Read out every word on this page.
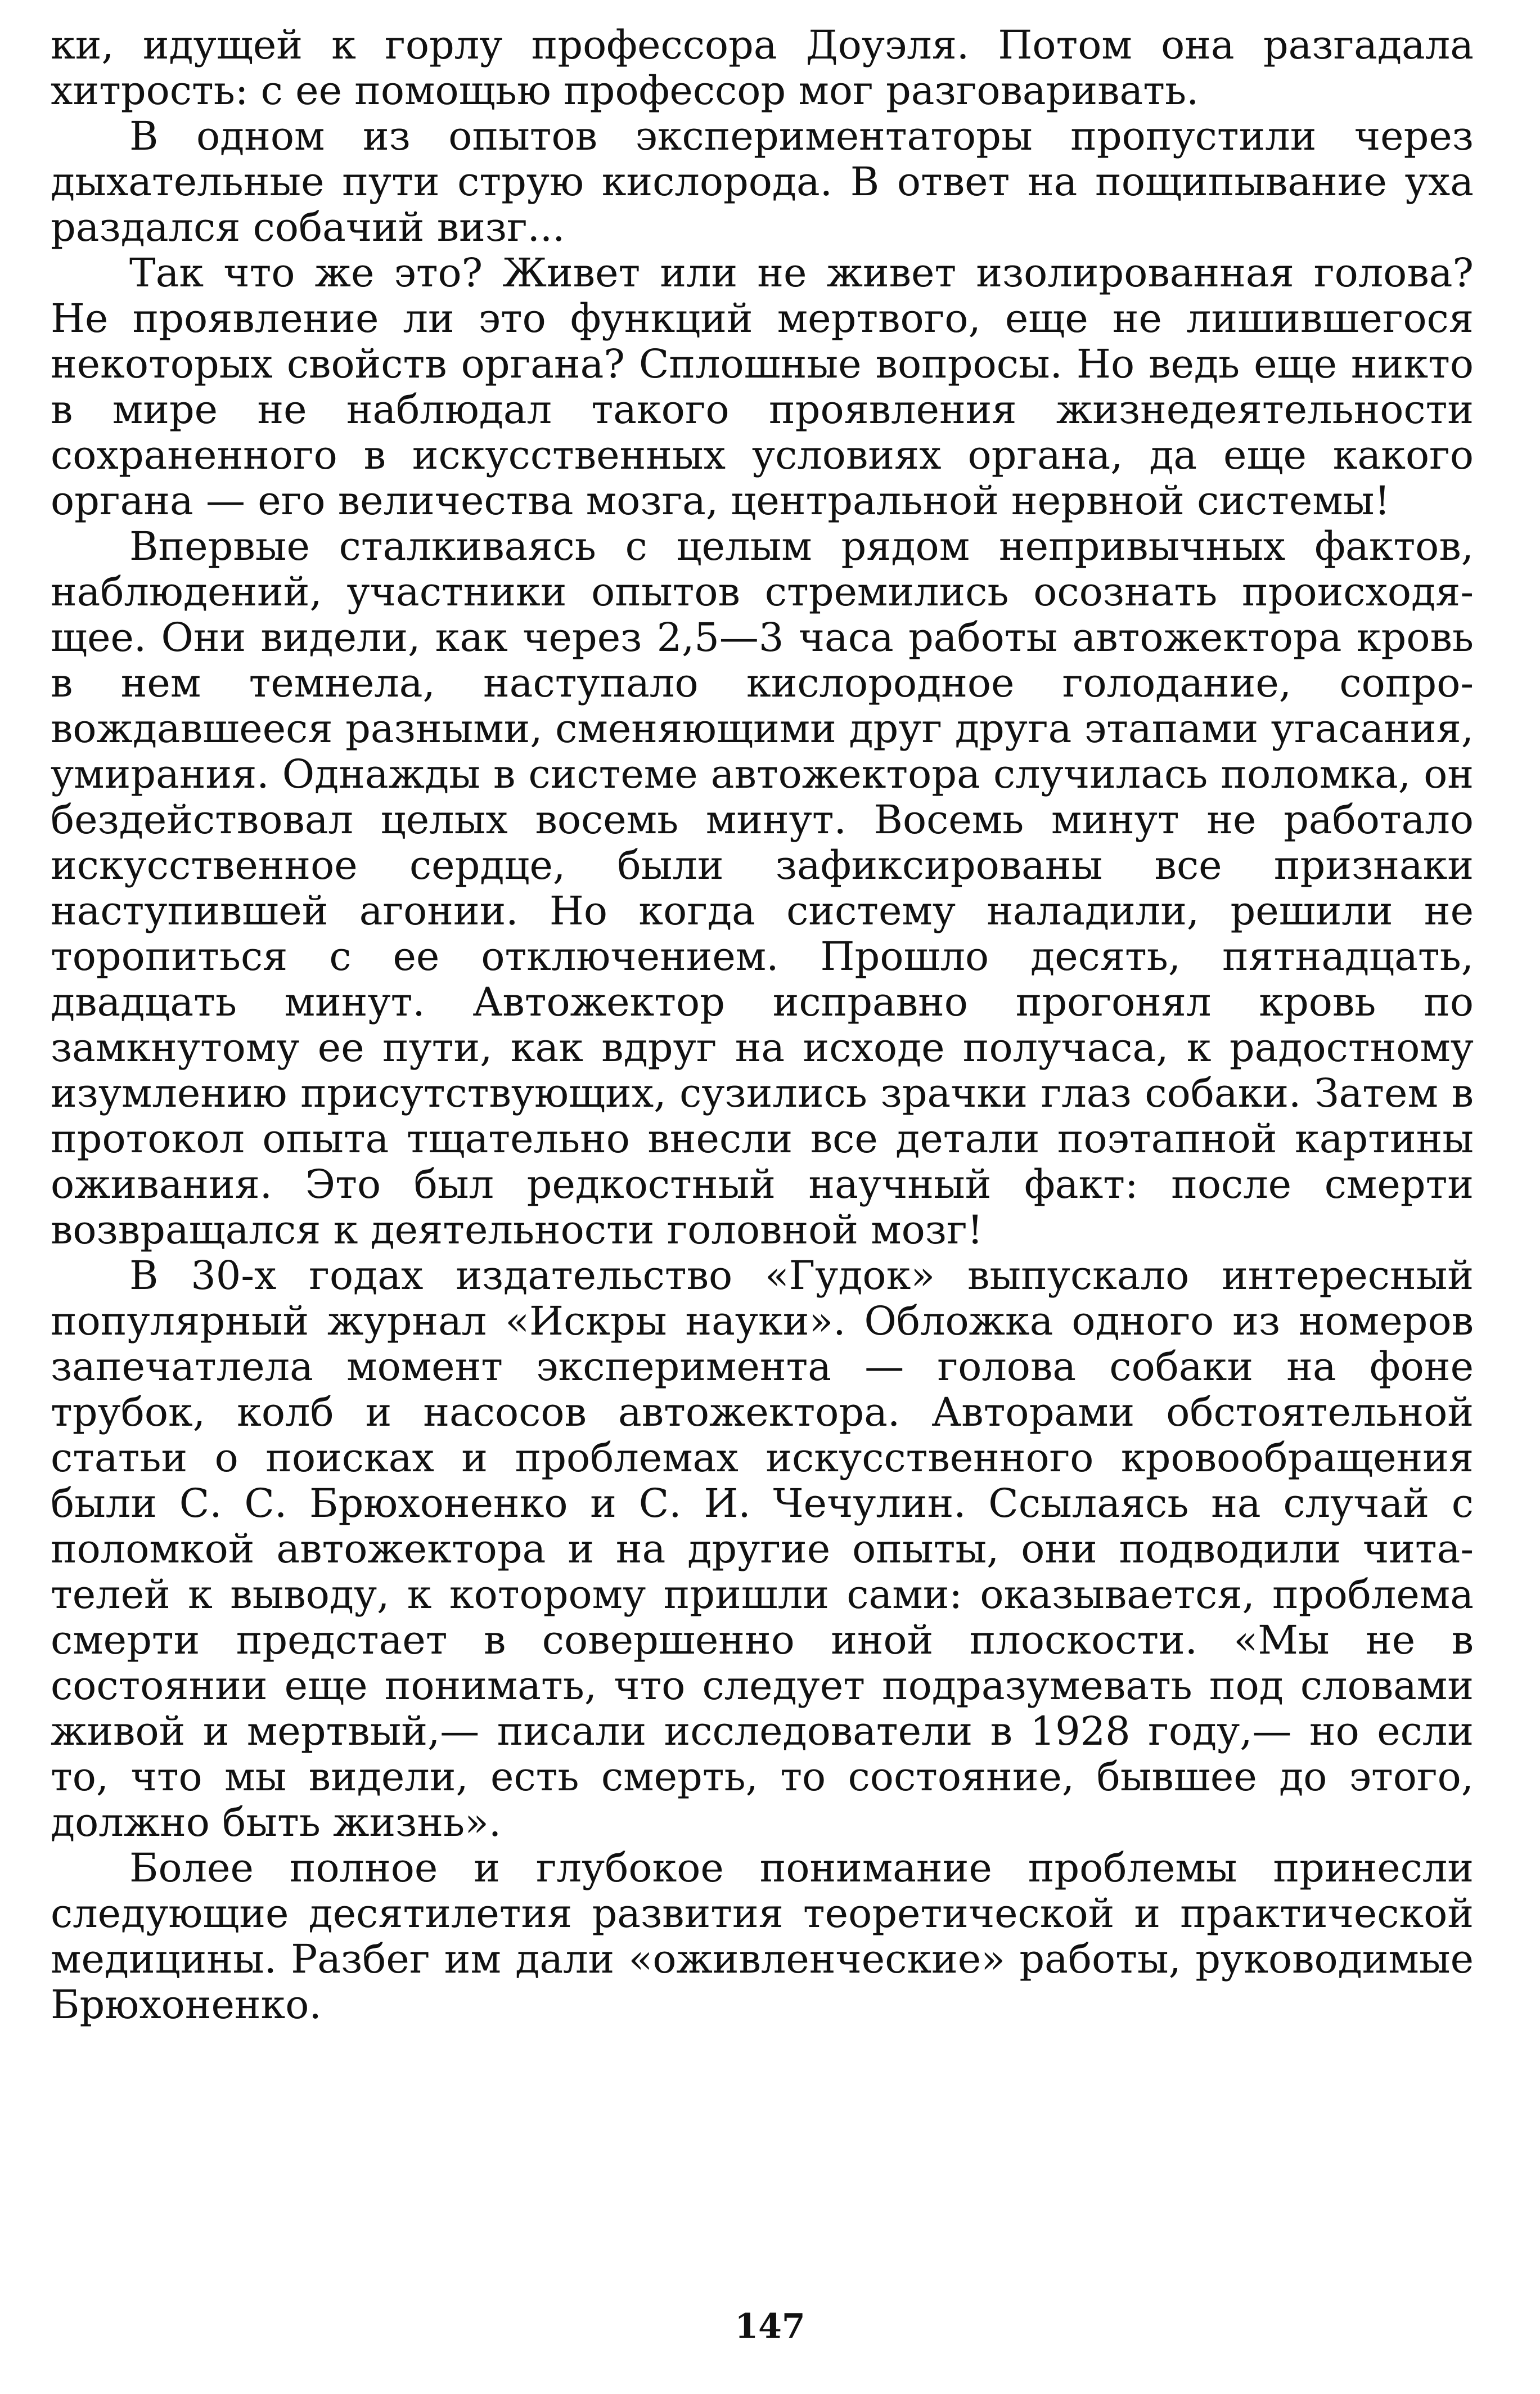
ки, идущей к горлу профессора Доуэля. Потом она разгадала хитрость: с ее помощью профессор мог разговаривать.

В одном из опытов экспериментаторы пропустили через дыхательные пути струю кислорода. В ответ на пощипывание уха раздался собачий визг...

Так что же это? Живет или не живет изолированная голова? Не проявление ли это функций мертвого, еще не лишившегося некоторых свойств органа? Сплошные вопросы. Но ведь еще никто в мире не наблюдал такого проявления жизнедеятельности сохраненного в искусственных условиях органа, да еще какого органа — его величества мозга, центральной нервной системы!

Впервые сталкиваясь с целым рядом непривычных фактов, наблюдений, участники опытов стремились осознать происходящее. Они видели, как через 2,5—3 часа работы автожектора кровь в нем темнела, наступало кислородное голодание, сопровождавшееся разными, сменяющими друг друга этапами угасания, умирания. Однажды в системе автожектора случилась поломка, он бездействовал целых восемь минут. Восемь минут не работало искусственное сердце, были зафиксированы все признаки наступившей агонии. Но когда систему наладили, решили не торопиться с ее отключением. Прошло десять, пятнадцать, двадцать минут. Автожектор исправно прогонял кровь по замкнутому ее пути, как вдруг на исходе получаса, к радостному изумлению присутствующих, сузились зрачки глаз собаки. Затем в протокол опыта тщательно внесли все детали поэтапной картины оживания. Это был редкостный научный факт: после смерти возвращался к деятельности головной мозг!

В 30-х годах издательство «Гудок» выпускало интересный популярный журнал «Искры науки». Обложка одного из номеров запечатлела момент эксперимента — голова собаки на фоне трубок, колб и насосов автожектора. Авторами обстоятельной статьи о поисках и проблемах искусственного кровообращения были С. С. Брюхоненко и С. И. Чечулин. Ссылаясь на случай с поломкой автожектора и на другие опыты, они подводили читателей к выводу, к которому пришли сами: оказывается, проблема смерти предстает в совершенно иной плоскости. «Мы не в состоянии еще понимать, что следует подразумевать под словами живой и мертвый,— писали исследователи в 1928 году,— но если то, что мы видели, есть смерть, то состояние, бывшее до этого, должно быть жизнь».

Более полное и глубокое понимание проблемы принесли следующие десятилетия развития теоретической и практической медицины. Разбег им дали «оживленческие» работы, руководимые Брюхоненко.

147
